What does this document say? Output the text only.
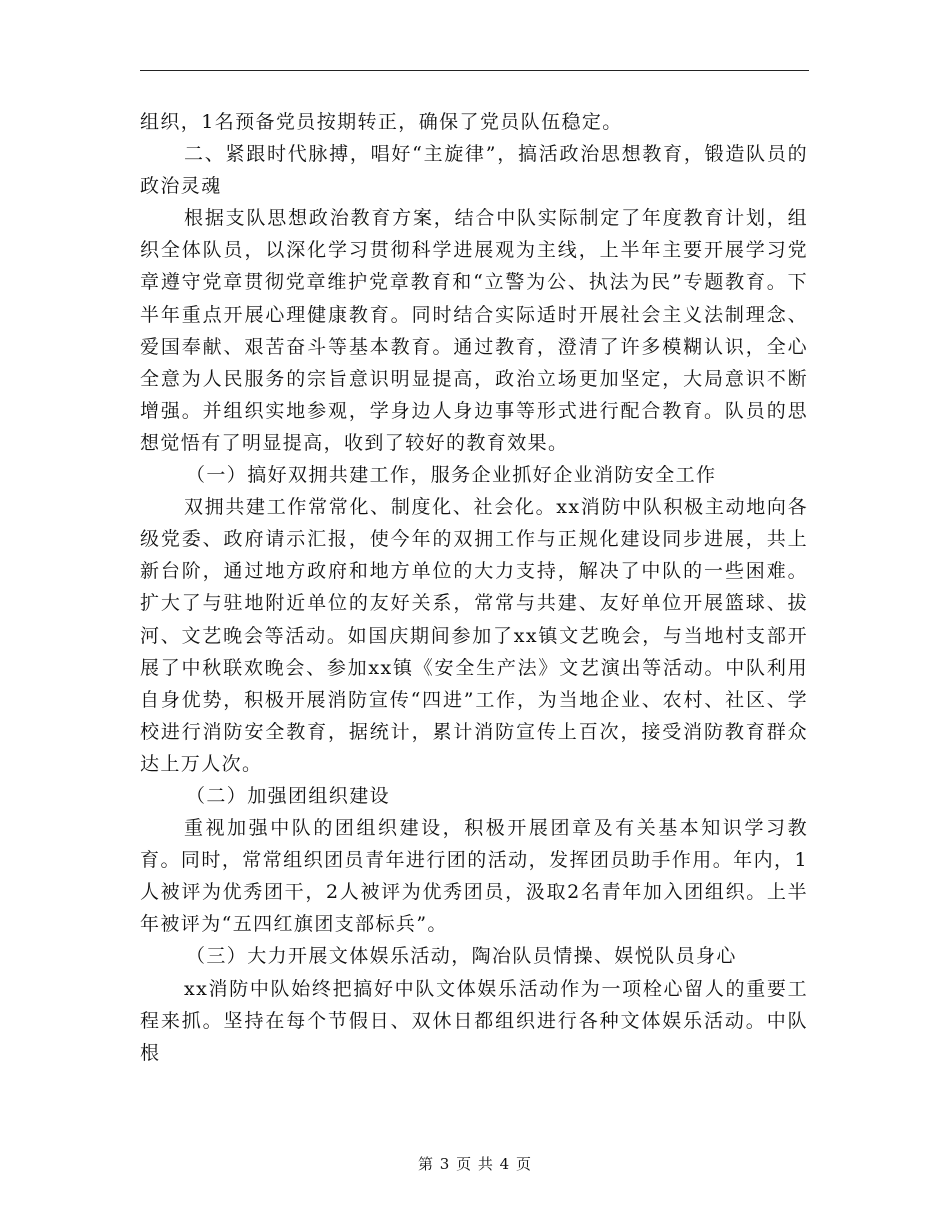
组织，1名预备党员按期转正，确保了党员队伍稳定。

二、紧跟时代脉搏，唱好“主旋律”，搞活政治思想教育，锻造队员的政治灵魂

根据支队思想政治教育方案，结合中队实际制定了年度教育计划，组织全体队员，以深化学习贯彻科学进展观为主线，上半年主要开展学习党章遵守党章贯彻党章维护党章教育和“立警为公、执法为民”专题教育。下半年重点开展心理健康教育。同时结合实际适时开展社会主义法制理念、爱国奉献、艰苦奋斗等基本教育。通过教育，澄清了许多模糊认识，全心全意为人民服务的宗旨意识明显提高，政治立场更加坚定，大局意识不断增强。并组织实地参观，学身边人身边事等形式进行配合教育。队员的思想觉悟有了明显提高，收到了较好的教育效果。

（一）搞好双拥共建工作，服务企业抓好企业消防安全工作

双拥共建工作常常化、制度化、社会化。xx消防中队积极主动地向各级党委、政府请示汇报，使今年的双拥工作与正规化建设同步进展，共上新台阶，通过地方政府和地方单位的大力支持，解决了中队的一些困难。扩大了与驻地附近单位的友好关系，常常与共建、友好单位开展篮球、拔河、文艺晚会等活动。如国庆期间参加了xx镇文艺晚会，与当地村支部开展了中秋联欢晚会、参加xx镇《安全生产法》文艺演出等活动。中队利用自身优势，积极开展消防宣传“四进”工作，为当地企业、农村、社区、学校进行消防安全教育，据统计，累计消防宣传上百次，接受消防教育群众达上万人次。

（二）加强团组织建设

重视加强中队的团组织建设，积极开展团章及有关基本知识学习教育。同时，常常组织团员青年进行团的活动，发挥团员助手作用。年内，1人被评为优秀团干，2人被评为优秀团员，汲取2名青年加入团组织。上半年被评为“五四红旗团支部标兵”。

（三）大力开展文体娱乐活动，陶冶队员情操、娱悦队员身心

xx消防中队始终把搞好中队文体娱乐活动作为一项栓心留人的重要工程来抓。坚持在每个节假日、双休日都组织进行各种文体娱乐活动。中队根

第 3 页 共 4 页
